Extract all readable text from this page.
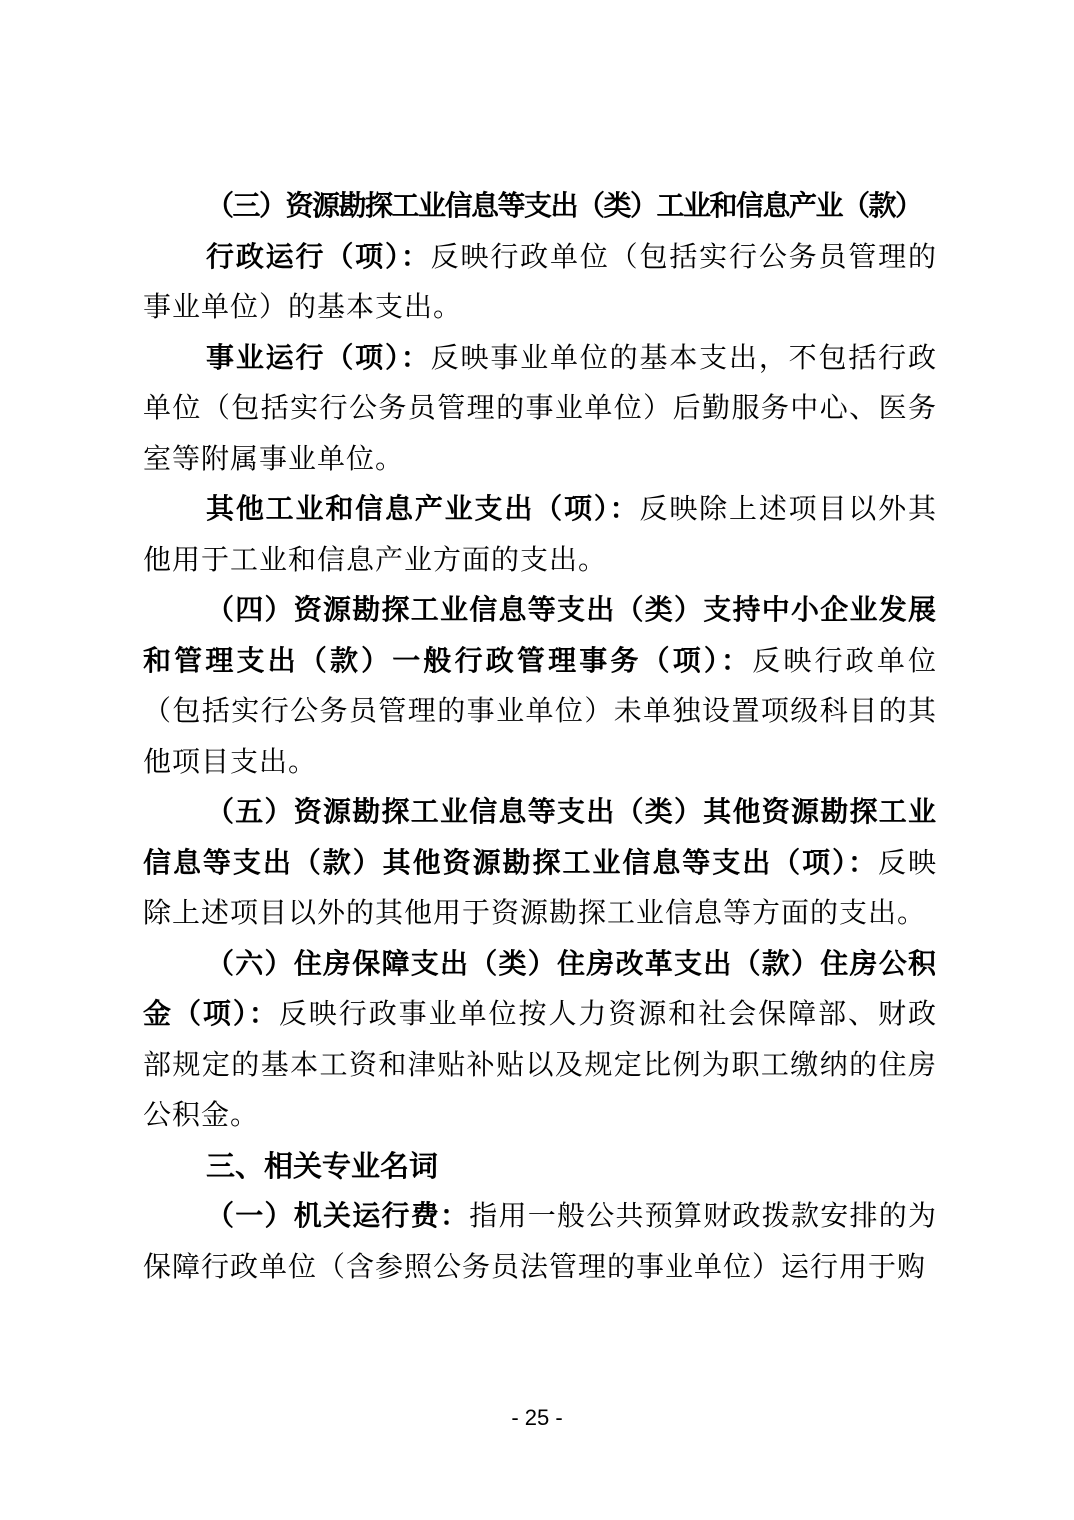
（三）资源勘探工业信息等支出（类）工业和信息产业（款）

行政运行（项）：反映行政单位（包括实行公务员管理的事业单位）的基本支出。

事业运行（项）：反映事业单位的基本支出，不包括行政单位（包括实行公务员管理的事业单位）后勤服务中心、医务室等附属事业单位。

其他工业和信息产业支出（项）：反映除上述项目以外其他用于工业和信息产业方面的支出。

（四）资源勘探工业信息等支出（类）支持中小企业发展和管理支出（款）一般行政管理事务（项）：反映行政单位（包括实行公务员管理的事业单位）未单独设置项级科目的其他项目支出。

（五）资源勘探工业信息等支出（类）其他资源勘探工业信息等支出（款）其他资源勘探工业信息等支出（项）：反映除上述项目以外的其他用于资源勘探工业信息等方面的支出。

（六）住房保障支出（类）住房改革支出（款）住房公积金（项）：反映行政事业单位按人力资源和社会保障部、财政部规定的基本工资和津贴补贴以及规定比例为职工缴纳的住房公积金。

三、相关专业名词

（一）机关运行费：指用一般公共预算财政拨款安排的为保障行政单位（含参照公务员法管理的事业单位）运行用于购

- 25 -
